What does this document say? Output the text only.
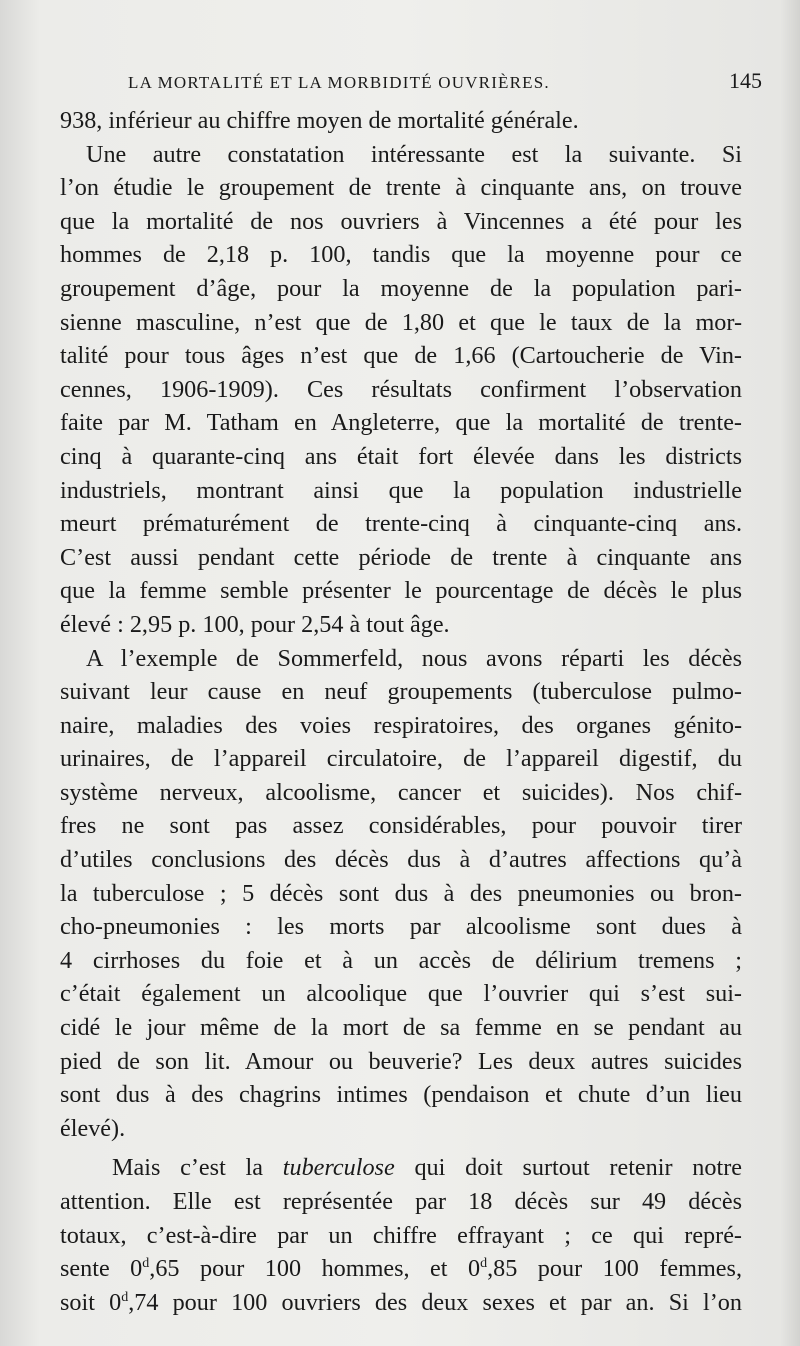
LA MORTALITÉ ET LA MORBIDITÉ OUVRIÈRES.	145

938, inférieur au chiffre moyen de mortalité générale.

Une autre constatation intéressante est la suivante. Si
l’on étudie le groupement de trente à cinquante ans, on trouve
que la mortalité de nos ouvriers à Vincennes a été pour les
hommes de 2,18 p. 100, tandis que la moyenne pour ce
groupement d’âge, pour la moyenne de la population pari-
sienne masculine, n’est que de 1,80 et que le taux de la mor-
talité pour tous âges n’est que de 1,66 (Cartoucherie de Vin-
cennes, 1906-1909). Ces résultats confirment l’observation
faite par M. Tatham en Angleterre, que la mortalité de trente-
cinq à quarante-cinq ans était fort élevée dans les districts
industriels, montrant ainsi que la population industrielle
meurt prématurément de trente-cinq à cinquante-cinq ans.
C’est aussi pendant cette période de trente à cinquante ans
que la femme semble présenter le pourcentage de décès le plus
élevé : 2,95 p. 100, pour 2,54 à tout âge.

A l’exemple de Sommerfeld, nous avons réparti les décès
suivant leur cause en neuf groupements (tuberculose pulmo-
naire, maladies des voies respiratoires, des organes génito-
urinaires, de l’appareil circulatoire, de l’appareil digestif, du
système nerveux, alcoolisme, cancer et suicides). Nos chif-
fres ne sont pas assez considérables, pour pouvoir tirer
d’utiles conclusions des décès dus à d’autres affections qu’à
la tuberculose ; 5 décès sont dus à des pneumonies ou bron-
cho-pneumonies : les morts par alcoolisme sont dues à
4 cirrhoses du foie et à un accès de délirium tremens ;
c’était également un alcoolique que l’ouvrier qui s’est sui-
cidé le jour même de la mort de sa femme en se pendant au
pied de son lit. Amour ou beuverie? Les deux autres suicides
sont dus à des chagrins intimes (pendaison et chute d’un lieu
élevé).

Mais c’est la tuberculose qui doit surtout retenir notre
attention. Elle est représentée par 18 décès sur 49 décès
totaux, c’est-à-dire par un chiffre effrayant ; ce qui repré-
sente 0$^d$,65 pour 100 hommes, et 0$^d$,85 pour 100 femmes,
soit 0$^d$,74 pour 100 ouvriers des deux sexes et par an. Si l’on
